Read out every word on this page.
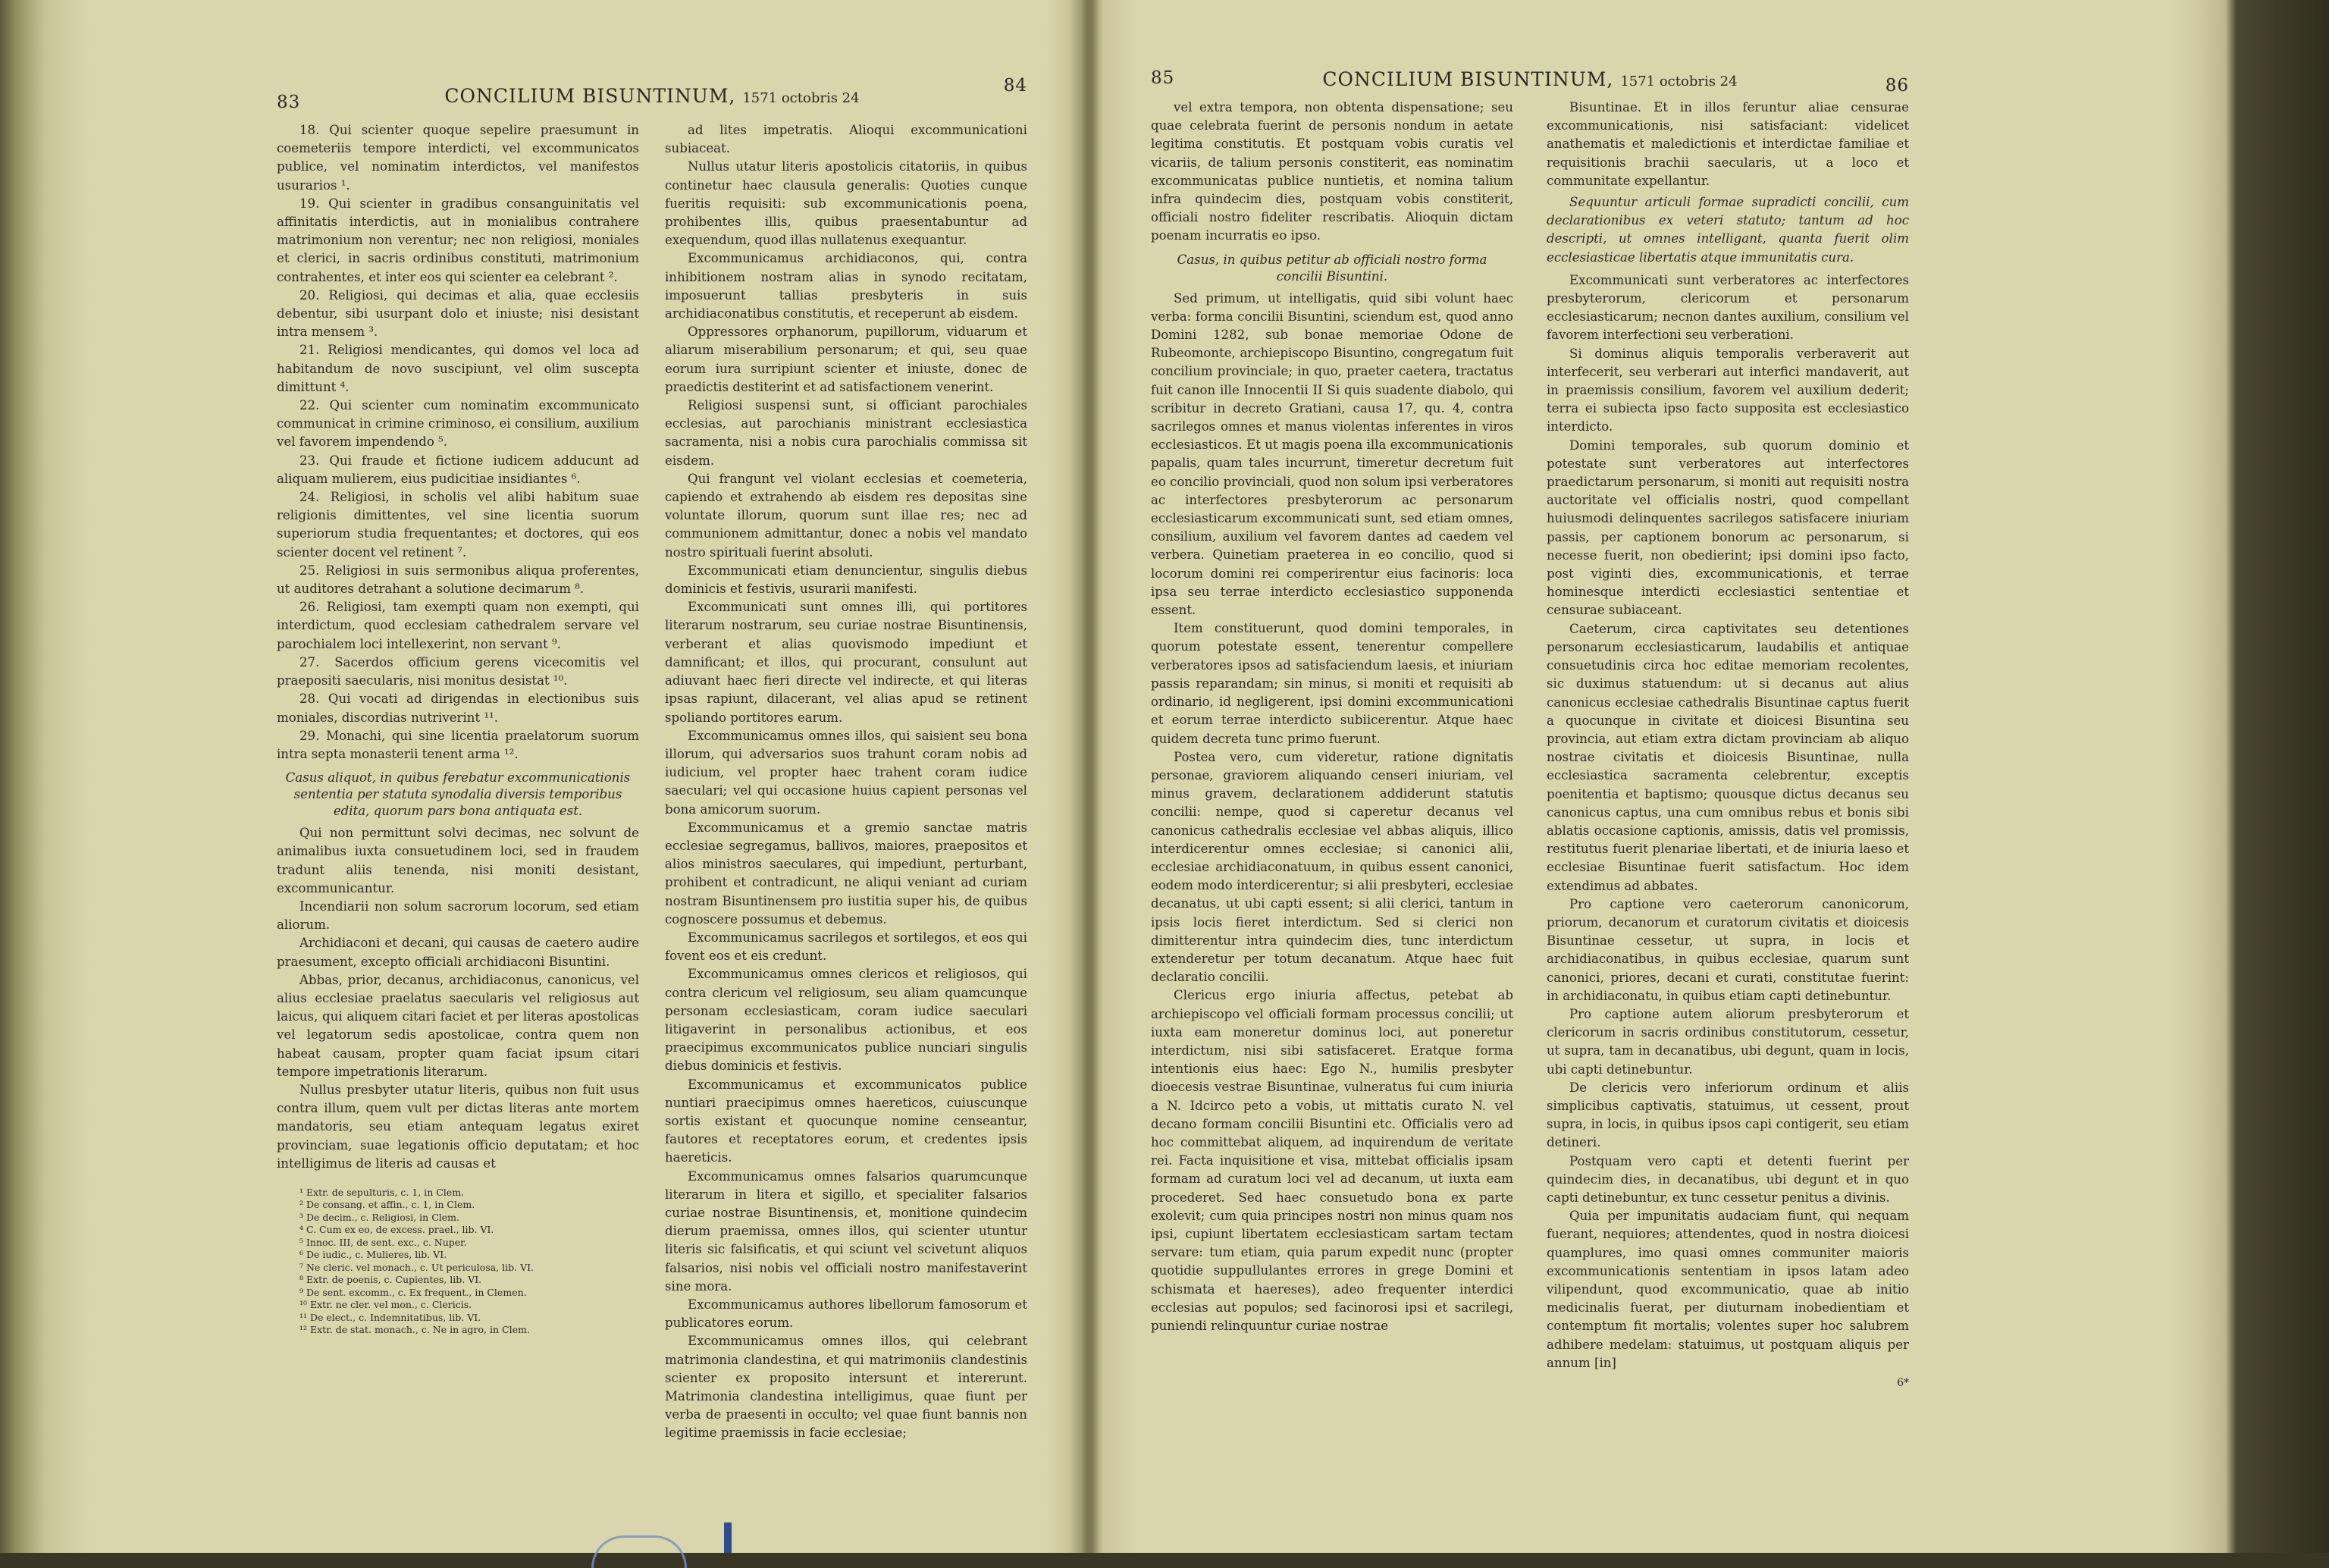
83	CONCILIUM BISUNTINUM, 1571 octobris 24
84

18. Qui scienter quoque sepelire praesumunt in coemeteriis tempore interdicti, vel excommunicatos publice, vel nominatim interdictos, vel manifestos usurarios ¹.

19. Qui scienter in gradibus consanguinitatis vel affinitatis interdictis, aut in monialibus contrahere matrimonium non verentur; nec non religiosi, moniales et clerici, in sacris ordinibus constituti, matrimonium contrahentes, et inter eos qui scienter ea celebrant ².

20. Religiosi, qui decimas et alia, quae ecclesiis debentur, sibi usurpant dolo et iniuste; nisi desistant intra mensem ³.

21. Religiosi mendicantes, qui domos vel loca ad habitandum de novo suscipiunt, vel olim susceptа dimittunt ⁴.

22. Qui scienter cum nominatim excommunicato communicat in crimine criminoso, ei consilium, auxilium vel favorem impendendo ⁵.

23. Qui fraude et fictione iudicem adducunt ad aliquam mulierem, eius pudicitiae insidiantes ⁶.

24. Religiosi, in scholis vel alibi habitum suae religionis dimittentes, vel sine licentia suorum superiorum studia frequentantes; et doctores, qui eos scienter docent vel retinent ⁷.

25. Religiosi in suis sermonibus aliqua proferentes, ut auditores detrahant a solutione decimarum ⁸.

26. Religiosi, tam exempti quam non exempti, qui interdictum, quod ecclesiam cathedralem servare vel parochialem loci intellexerint, non servant ⁹.

27. Sacerdos officium gerens vicecomitis vel praepositi saecularis, nisi monitus desistat ¹⁰.

28. Qui vocati ad dirigendas in electionibus suis moniales, discordias nutriverint ¹¹.

29. Monachi, qui sine licentia praelatorum suorum intra septa monasterii tenent arma ¹².

Casus aliquot, in quibus ferebatur excommunicationis sententia per statuta synodalia diversis temporibus edita, quorum pars bona antiquata est.

Qui non permittunt solvi decimas, nec solvunt de animalibus iuxta consuetudinem loci, sed in fraudem tradunt aliis tenenda, nisi moniti desistant, excommunicantur.

Incendiarii non solum sacrorum locorum, sed etiam aliorum.

Archidiaconi et decani, qui causas de caetero audire praesument, excepto officiali archidiaconi Bisuntini.

Abbas, prior, decanus, archidiaconus, canonicus, vel alius ecclesiae praelatus saecularis vel religiosus aut laicus, qui aliquem citari faciet et per literas apostolicas vel legatorum sedis apostolicae, contra quem non habeat causam, propter quam faciat ipsum citari tempore impetrationis literarum.

Nullus presbyter utatur literis, quibus non fuit usus contra illum, quem vult per dictas literas ante mortem mandatoris, seu etiam antequam legatus exiret provinciam, suae legationis officio deputatam; et hoc intelligimus de literis ad causas et

¹ Extr. de sepulturis, c. 1, in Clem.
² De consang. et affin., c. 1, in Clem.
³ De decim., c. Religiosi, in Clem.
⁴ C. Cum ex eo, de excess. prael., lib. VI.
⁵ Innoc. III, de sent. exc., c. Nuper.
⁶ De iudic., c. Mulieres, lib. VI.
⁷ Ne cleric. vel monach., c. Ut periculosa, lib. VI.
⁸ Extr. de poenis, c. Cupientes, lib. VI.
⁹ De sent. excomm., c. Ex frequent., in Clemen.
¹⁰ Extr. ne cler. vel mon., c. Clericis.
¹¹ De elect., c. Indemnitatibus, lib. VI.
¹² Extr. de stat. monach., c. Ne in agro, in Clem.

ad lites impetratis. Alioqui excommunicationi subiaceat.

Nullus utatur literis apostolicis citatoriis, in quibus continetur haec clausula generalis: Quoties cunque fueritis requisiti: sub excommunicationis poena, prohibentes illis, quibus praesentabuntur ad exequendum, quod illas nullatenus exequantur.

Excommunicamus archidiaconos, qui, contra inhibitionem nostram alias in synodo recitatam, imposuerunt tallias presbyteris in suis archidiaconatibus constitutis, et receperunt ab eisdem.

Oppressores orphanorum, pupillorum, viduarum et aliarum miserabilium personarum; et qui, seu quae eorum iura surripiunt scienter et iniuste, donec de praedictis destiterint et ad satisfactionem venerint.

Religiosi suspensi sunt, si officiant parochiales ecclesias, aut parochianis ministrant ecclesiastica sacramenta, nisi a nobis cura parochialis commissa sit eisdem.

Qui frangunt vel violant ecclesias et coemeteria, capiendo et extrahendo ab eisdem res depositas sine voluntate illorum, quorum sunt illae res; nec ad communionem admittantur, donec a nobis vel mandato nostro spirituali fuerint absoluti.

Excommunicati etiam denuncientur, singulis diebus dominicis et festivis, usurarii manifesti.

Excommunicati sunt omnes illi, qui portitores literarum nostrarum, seu curiae nostrae Bisuntinensis, verberant et alias quovismodo impediunt et damnificant; et illos, qui procurant, consulunt aut adiuvant haec fieri directe vel indirecte, et qui literas ipsas rapiunt, dilacerant, vel alias apud se retinent spoliando portitores earum.

Excommunicamus omnes illos, qui saisient seu bona illorum, qui adversarios suos trahunt coram nobis ad iudicium, vel propter haec trahent coram iudice saeculari; vel qui occasione huius capient personas vel bona amicorum suorum.

Excommunicamus et a gremio sanctae matris ecclesiae segregamus, ballivos, maiores, praepositos et alios ministros saeculares, qui impediunt, perturbant, prohibent et contradicunt, ne aliqui veniant ad curiam nostram Bisuntinensem pro iustitia super his, de quibus cognoscere possumus et debemus.

Excommunicamus sacrilegos et sortilegos, et eos qui fovent eos et eis credunt.

Excommunicamus omnes clericos et religiosos, qui contra clericum vel religiosum, seu aliam quamcunque personam ecclesiasticam, coram iudice saeculari litigaverint in personalibus actionibus, et eos praecipimus excommunicatos publice nunciari singulis diebus dominicis et festivis.

Excommunicamus et excommunicatos publice nuntiari praecipimus omnes haereticos, cuiuscunque sortis existant et quocunque nomine censeantur, fautores et receptatores eorum, et credentes ipsis haereticis.

Excommunicamus omnes falsarios quarumcunque literarum in litera et sigillo, et specialiter falsarios curiae nostrae Bisuntinensis, et, monitione quindecim dierum praemissa, omnes illos, qui scienter utuntur literis sic falsificatis, et qui sciunt vel scivetunt aliquos falsarios, nisi nobis vel officiali nostro manifestaverint sine mora.

Excommunicamus authores libellorum famosorum et publicatores eorum.

Excommunicamus omnes illos, qui celebrant matrimonia clandestina, et qui matrimoniis clandestinis scienter ex proposito intersunt et intererunt. Matrimonia clandestina intelligimus, quae fiunt per verba de praesenti in occulto; vel quae fiunt bannis non legitime praemissis in facie ecclesiae;

85	CONCILIUM BISUNTINUM, 1571 octobris 24	86

vel extra tempora, non obtenta dispensatione; seu quae celebrata fuerint de personis nondum in aetate legitima constitutis. Et postquam vobis curatis vel vicariis, de talium personis constiterit, eas nominatim excommunicatas publice nuntietis, et nomina talium infra quindecim dies, postquam vobis constiterit, officiali nostro fideliter rescribatis. Alioquin dictam poenam incurratis eo ipso.

Casus, in quibus petitur ab officiali nostro forma concilii Bisuntini.

Sed primum, ut intelligatis, quid sibi volunt haec verba: forma concilii Bisuntini, sciendum est, quod anno Domini 1282, sub bonae memoriae Odone de Rubeomonte, archiepiscopo Bisuntino, congregatum fuit concilium provinciale; in quo, praeter caetera, tractatus fuit canon ille Innocentii II Si quis suadente diabolo, qui scribitur in decreto Gratiani, causa 17, qu. 4, contra sacrilegos omnes et manus violentas inferentes in viros ecclesiasticos. Et ut magis poena illa excommunicationis papalis, quam tales incurrunt, timeretur decretum fuit eo concilio provinciali, quod non solum ipsi verberatores ac interfectores presbyterorum ac personarum ecclesiasticarum excommunicati sunt, sed etiam omnes, consilium, auxilium vel favorem dantes ad caedem vel verbera. Quinetiam praeterea in eo concilio, quod si locorum domini rei comperirentur eius facinoris: loca ipsa seu terrae interdicto ecclesiastico supponenda essent.

Item constituerunt, quod domini temporales, in quorum potestate essent, tenerentur compellere verberatores ipsos ad satisfaciendum laesis, et iniuriam passis reparandam; sin minus, si moniti et requisiti ab ordinario, id negligerent, ipsi domini excommunicationi et eorum terrae interdicto subiicerentur. Atque haec quidem decreta tunc primo fuerunt.

Postea vero, cum videretur, ratione dignitatis personae, graviorem aliquando censeri iniuriam, vel minus gravem, declarationem addiderunt statutis concilii: nempe, quod si caperetur decanus vel canonicus cathedralis ecclesiae vel abbas aliquis, illico interdicerentur omnes ecclesiae; si canonici alii, ecclesiae archidiaconatuum, in quibus essent canonici, eodem modo interdicerentur; si alii presbyteri, ecclesiae decanatus, ut ubi capti essent; si alii clerici, tantum in ipsis locis fieret interdictum. Sed si clerici non dimitterentur intra quindecim dies, tunc interdictum extenderetur per totum decanatum. Atque haec fuit declaratio concilii.

Clericus ergo iniuria affectus, petebat ab archiepiscopo vel officiali formam processus concilii; ut iuxta eam moneretur dominus loci, aut poneretur interdictum, nisi sibi satisfaceret. Eratque forma intentionis eius haec: Ego N., humilis presbyter dioecesis vestrae Bisuntinae, vulneratus fui cum iniuria a N. Idcirco peto a vobis, ut mittatis curato N. vel decano formam concilii Bisuntini etc. Officialis vero ad hoc committebat aliquem, ad inquirendum de veritate rei. Facta inquisitione et visa, mittebat officialis ipsam formam ad curatum loci vel ad decanum, ut iuxta eam procederet. Sed haec consuetudo bona ex parte exolevit; cum quia principes nostri non minus quam nos ipsi, cupiunt libertatem ecclesiasticam sartam tectam servare: tum etiam, quia parum expedit nunc (propter quotidie suppullulantes errores in grege Domini et schismata et haereses), adeo frequenter interdici ecclesias aut populos; sed facinorosi ipsi et sacrilegi, puniendi relinquuntur curiae nostrae

Bisuntinae. Et in illos feruntur aliae censurae excommunicationis, nisi satisfaciant: videlicet anathematis et maledictionis et interdictae familiae et requisitionis brachii saecularis, ut a loco et communitate expellantur.

Sequuntur articuli formae supradicti concilii, cum declarationibus ex veteri statuto; tantum ad hoc descripti, ut omnes intelligant, quanta fuerit olim ecclesiasticae libertatis atque immunitatis cura.

Excommunicati sunt verberatores ac interfectores presbyterorum, clericorum et personarum ecclesiasticarum; necnon dantes auxilium, consilium vel favorem interfectioni seu verberationi.

Si dominus aliquis temporalis verberaverit aut interfecerit, seu verberari aut interfici mandaverit, aut in praemissis consilium, favorem vel auxilium dederit; terra ei subiecta ipso facto supposita est ecclesiastico interdicto.

Domini temporales, sub quorum dominio et potestate sunt verberatores aut interfectores praedictarum personarum, si moniti aut requisiti nostra auctoritate vel officialis nostri, quod compellant huiusmodi delinquentes sacrilegos satisfacere iniuriam passis, per captionem bonorum ac personarum, si necesse fuerit, non obedierint; ipsi domini ipso facto, post viginti dies, excommunicationis, et terrae hominesque interdicti ecclesiastici sententiae et censurae subiaceant.

Caeterum, circa captivitates seu detentiones personarum ecclesiasticarum, laudabilis et antiquae consuetudinis circa hoc editae memoriam recolentes, sic duximus statuendum: ut si decanus aut alius canonicus ecclesiae cathedralis Bisuntinae captus fuerit a quocunque in civitate et dioicesi Bisuntina seu provincia, aut etiam extra dictam provinciam ab aliquo nostrae civitatis et dioicesis Bisuntinae, nulla ecclesiastica sacramenta celebrentur, exceptis poenitentia et baptismo; quousque dictus decanus seu canonicus captus, una cum omnibus rebus et bonis sibi ablatis occasione captionis, amissis, datis vel promissis, restitutus fuerit plenariae libertati, et de iniuria laeso et ecclesiae Bisuntinae fuerit satisfactum. Hoc idem extendimus ad abbates.

Pro captione vero caeterorum canonicorum, priorum, decanorum et curatorum civitatis et dioicesis Bisuntinae cessetur, ut supra, in locis et archidiaconatibus, in quibus ecclesiae, quarum sunt canonici, priores, decani et curati, constitutae fuerint: in archidiaconatu, in quibus etiam capti detinebuntur.

Pro captione autem aliorum presbyterorum et clericorum in sacris ordinibus constitutorum, cessetur, ut supra, tam in decanatibus, ubi degunt, quam in locis, ubi capti detinebuntur.

De clericis vero inferiorum ordinum et aliis simplicibus captivatis, statuimus, ut cessent, prout supra, in locis, in quibus ipsos capi contigerit, seu etiam detineri.

Postquam vero capti et detenti fuerint per quindecim dies, in decanatibus, ubi degunt et in quo capti detinebuntur, ex tunc cessetur penitus a divinis.

Quia per impunitatis audaciam fiunt, qui nequam fuerant, nequiores; attendentes, quod in nostra dioicesi quamplures, imo quasi omnes communiter maioris excommunicationis sententiam in ipsos latam adeo vilipendunt, quod excommunicatio, quae ab initio medicinalis fuerat, per diuturnam inobedientiam et contemptum fit mortalis; volentes super hoc salubrem adhibere medelam: statuimus, ut postquam aliquis per annum [in]

6*
